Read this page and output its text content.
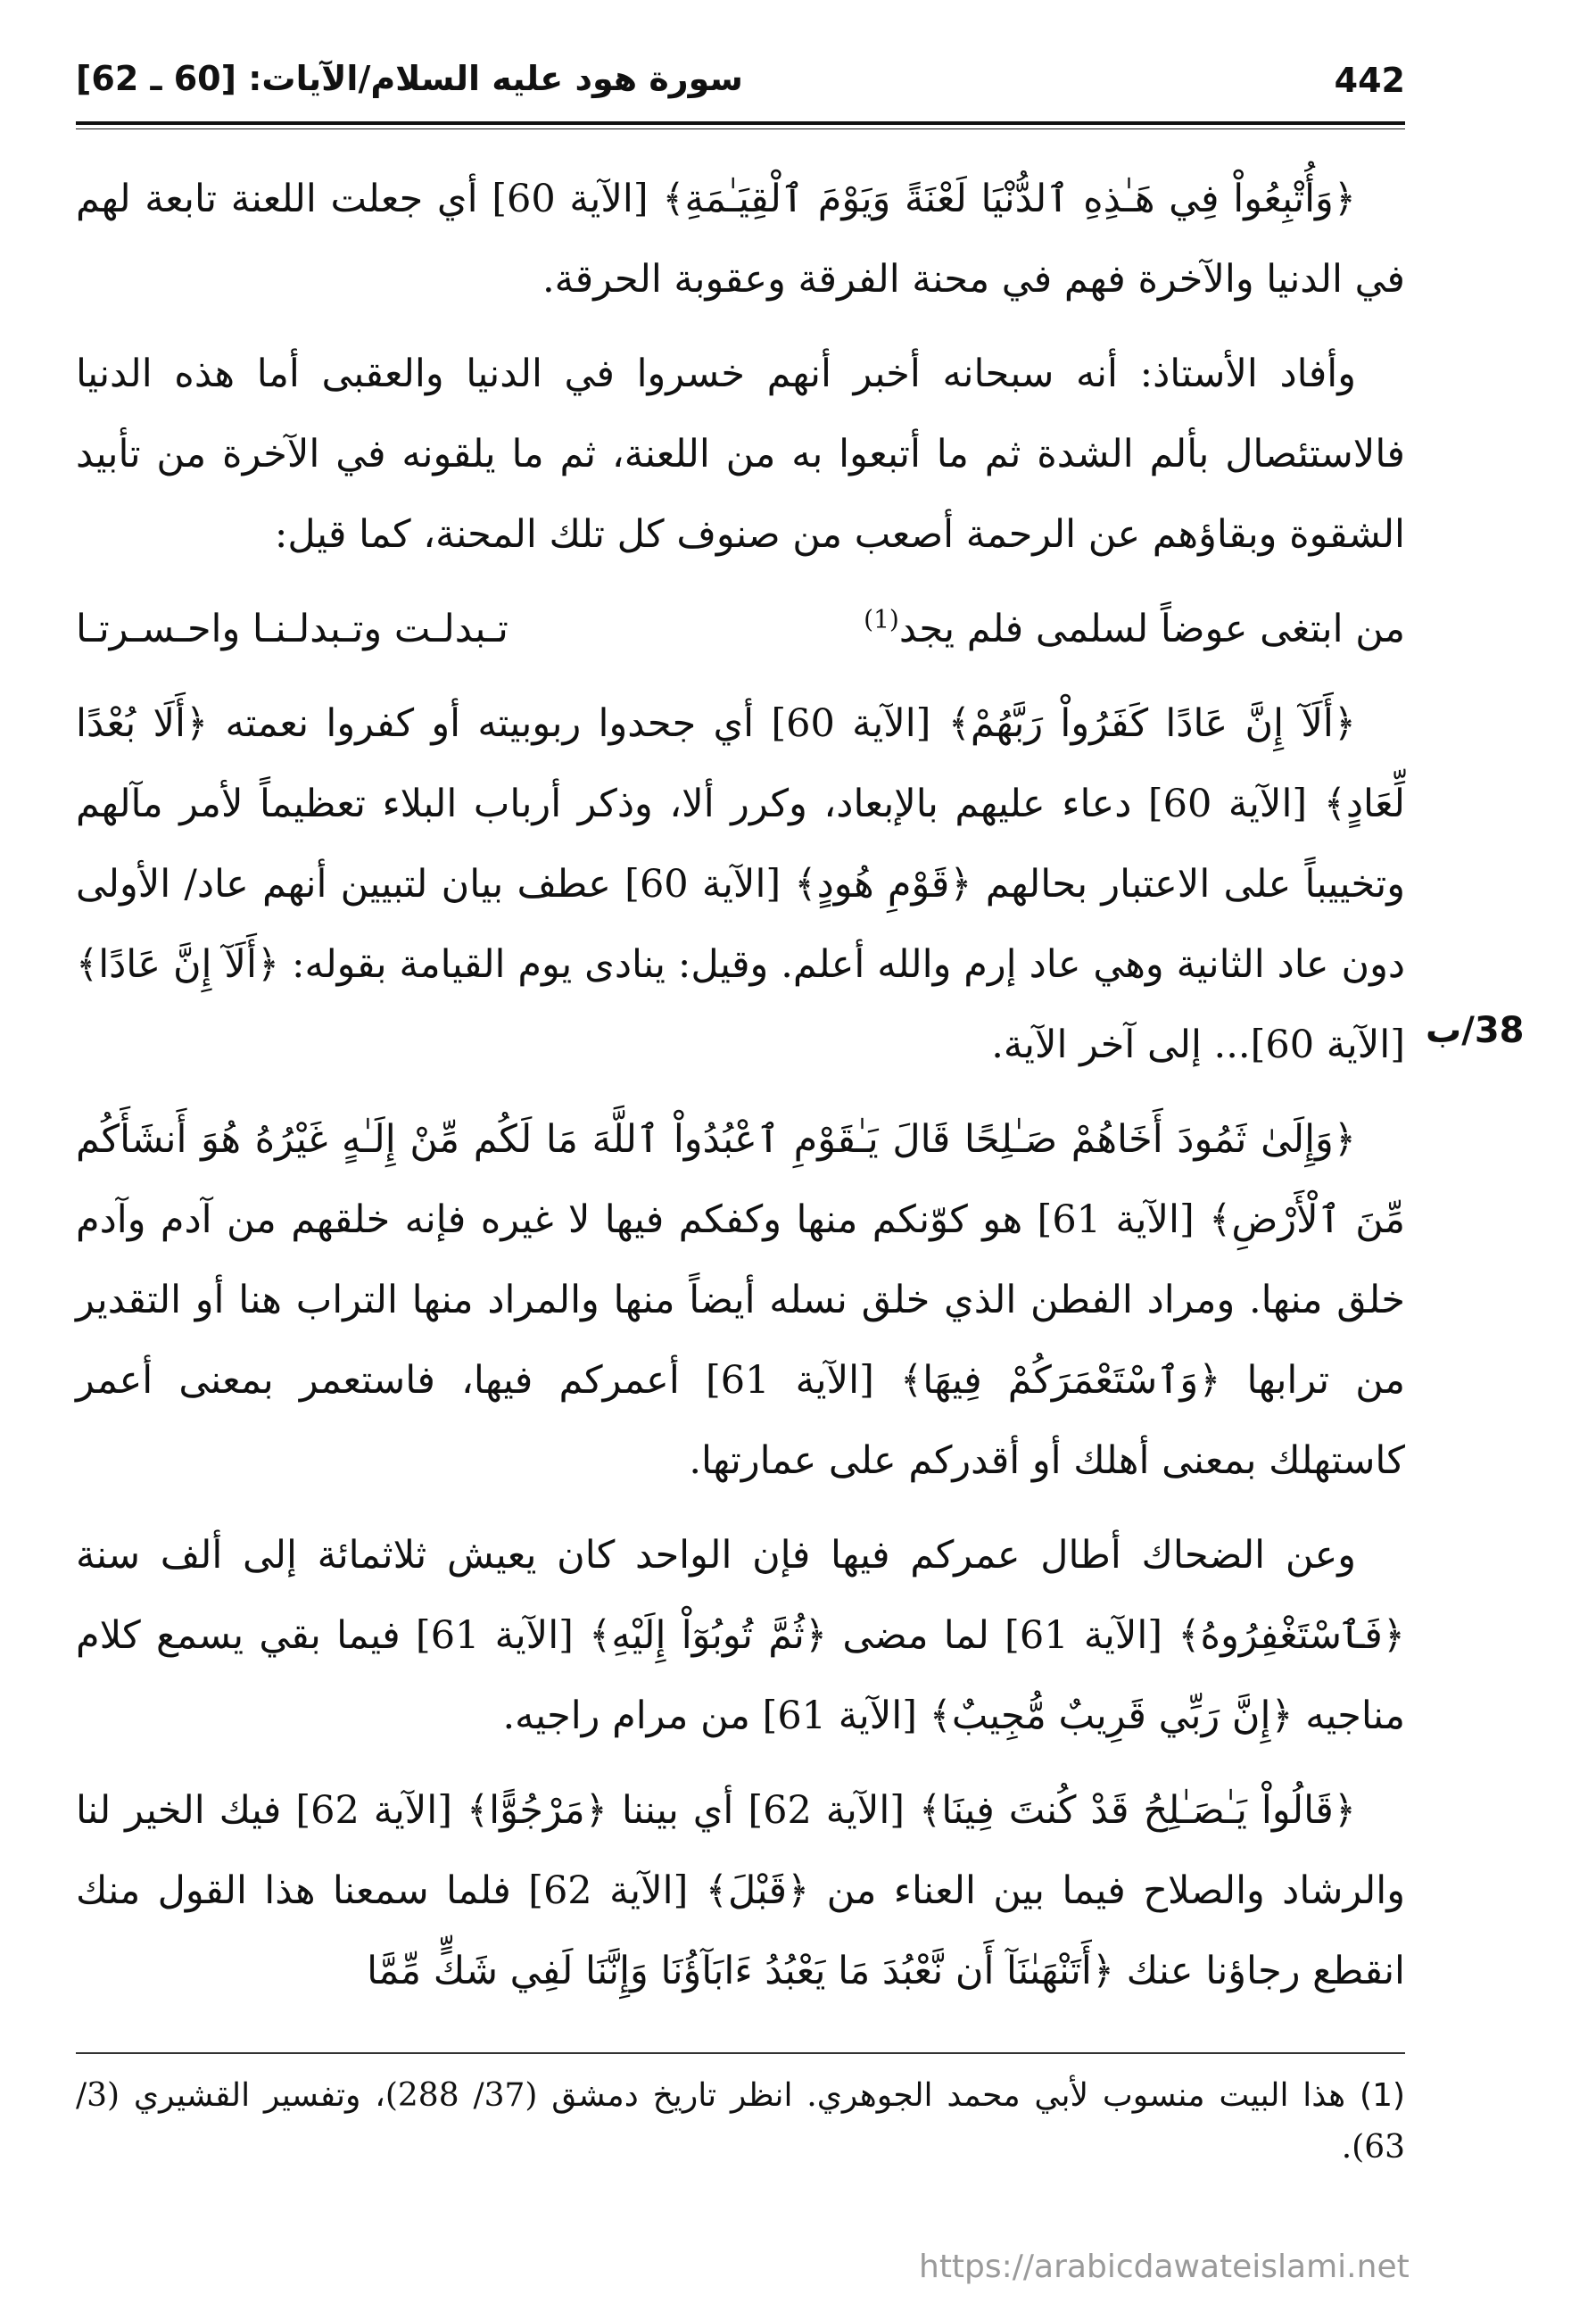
442
سورة هود عليه السلام/الآيات: [60 ـ 62]

﴿وَأُتْبِعُواْ فِي هَـٰذِهِ ٱلدُّنْيَا لَعْنَةً وَيَوْمَ ٱلْقِيَـٰمَةِ﴾ [الآية 60] أي جعلت اللعنة تابعة لهم في الدنيا والآخرة فهم في محنة الفرقة وعقوبة الحرقة.

وأفاد الأستاذ: أنه سبحانه أخبر أنهم خسروا في الدنيا والعقبى أما هذه الدنيا فالاستئصال بألم الشدة ثم ما أتبعوا به من اللعنة، ثم ما يلقونه في الآخرة من تأبيد الشقوة وبقاؤهم عن الرحمة أصعب من صنوف كل تلك المحنة، كما قيل:

من ابتغى عوضاً لسلمى فلم يجد$^{(1)}$
تـبدلـت وتـبدلـنـا واحـسـرتـا

﴿أَلَآ إِنَّ عَادًا كَفَرُواْ رَبَّهُمْ﴾ [الآية 60] أي جحدوا ربوبيته أو كفروا نعمته ﴿أَلَا بُعْدًا لِّعَادٍ﴾ [الآية 60] دعاء عليهم بالإبعاد، وكرر ألا، وذكر أرباب البلاء تعظيماً لأمر مآلهم وتخييباً على الاعتبار بحالهم ﴿قَوْمِ هُودٍ﴾ [الآية 60] عطف بيان لتبيين أنهم عاد/ الأولى دون عاد الثانية وهي عاد إرم والله أعلم. وقيل: ينادى يوم القيامة بقوله: ﴿أَلَآ إِنَّ عَادًا﴾ [الآية 60]... إلى آخر الآية.

﴿وَإِلَىٰ ثَمُودَ أَخَاهُمْ صَـٰلِحًا قَالَ يَـٰقَوْمِ ٱعْبُدُواْ ٱللَّهَ مَا لَكُم مِّنْ إِلَـٰهٍ غَيْرُهُ هُوَ أَنشَأَكُم مِّنَ ٱلْأَرْضِ﴾ [الآية 61] هو كوّنكم منها وكفكم فيها لا غيره فإنه خلقهم من آدم وآدم خلق منها. ومراد الفطن الذي خلق نسله أيضاً منها والمراد منها التراب هنا أو التقدير من ترابها ﴿وَٱسْتَعْمَرَكُمْ فِيهَا﴾ [الآية 61] أعمركم فيها، فاستعمر بمعنى أعمر كاستهلك بمعنى أهلك أو أقدركم على عمارتها.

وعن الضحاك أطال عمركم فيها فإن الواحد كان يعيش ثلاثمائة إلى ألف سنة ﴿فَٱسْتَغْفِرُوهُ﴾ [الآية 61] لما مضى ﴿ثُمَّ تُوبُوٓاْ إِلَيْهِ﴾ [الآية 61] فيما بقي يسمع كلام مناجيه ﴿إِنَّ رَبِّي قَرِيبٌ مُّجِيبٌ﴾ [الآية 61] من مرام راجيه.

﴿قَالُواْ يَـٰصَـٰلِحُ قَدْ كُنتَ فِينَا﴾ [الآية 62] أي بيننا ﴿مَرْجُوًّا﴾ [الآية 62] فيك الخير لنا والرشاد والصلاح فيما بين العناء من ﴿قَبْلَ﴾ [الآية 62] فلما سمعنا هذا القول منك انقطع رجاؤنا عنك ﴿أَتَنْهَىٰنَآ أَن نَّعْبُدَ مَا يَعْبُدُ ءَابَآؤُنَا وَإِنَّنَا لَفِي شَكٍّ مِّمَّا

38/ب
(1) هذا البيت منسوب لأبي محمد الجوهري. انظر تاريخ دمشق (37/ 288)، وتفسير القشيري (3/ 63).
https://arabicdawateislami.net
